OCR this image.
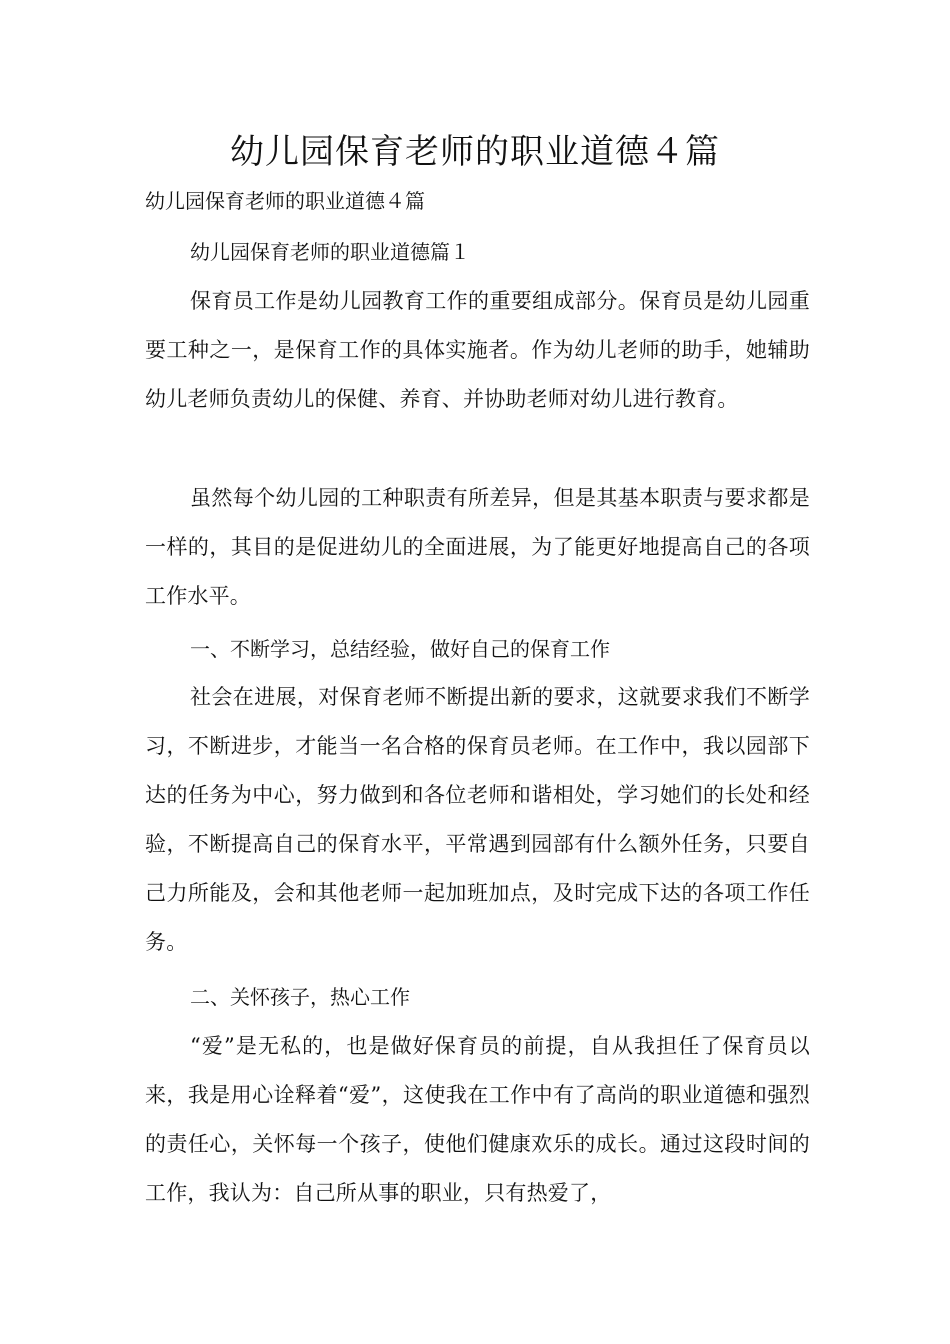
幼儿园保育老师的职业道德４篇
幼儿园保育老师的职业道德４篇
幼儿园保育老师的职业道德篇１

保育员工作是幼儿园教育工作的重要组成部分。保育员是幼儿园重要工种之一，是保育工作的具体实施者。作为幼儿老师的助手，她辅助幼儿老师负责幼儿的保健、养育、并协助老师对幼儿进行教育。

虽然每个幼儿园的工种职责有所差异，但是其基本职责与要求都是一样的，其目的是促进幼儿的全面进展，为了能更好地提高自己的各项工作水平。

一、不断学习，总结经验，做好自己的保育工作

社会在进展，对保育老师不断提出新的要求，这就要求我们不断学习，不断进步，才能当一名合格的保育员老师。在工作中，我以园部下达的任务为中心，努力做到和各位老师和谐相处，学习她们的长处和经验，不断提高自己的保育水平，平常遇到园部有什么额外任务，只要自己力所能及，会和其他老师一起加班加点，及时完成下达的各项工作任务。

二、关怀孩子，热心工作

“爱”是无私的，也是做好保育员的前提，自从我担任了保育员以来，我是用心诠释着“爱”，这使我在工作中有了高尚的职业道德和强烈的责任心，关怀每一个孩子，使他们健康欢乐的成长。通过这段时间的工作，我认为：自己所从事的职业，只有热爱了，
